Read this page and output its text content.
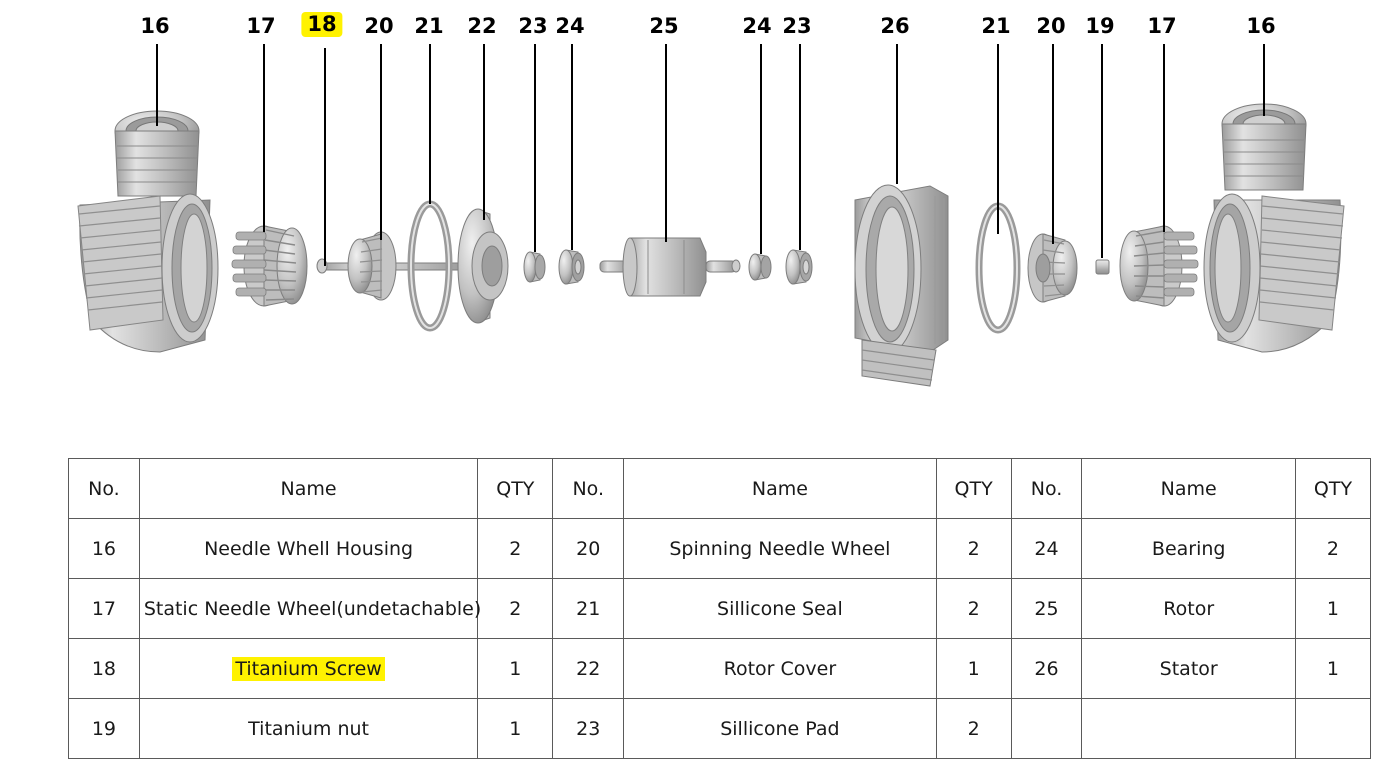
16	17 18 20 21 22 23 24	25	24 23	26	21 20 19 17	16
No.	Name	QTY	No.	Name	QTY	No.	Name	QTY
16	Needle Whell Housing	2	20	Spinning Needle Wheel	2	24	Bearing	2
17	Static Needle Wheel(undetachable)	2	21	Sillicone Seal	2	25	Rotor	1
18	Titanium Screw	1	22	Rotor Cover	1	26	Stator	1
19	Titanium nut	1	23	Sillicone Pad	2			
